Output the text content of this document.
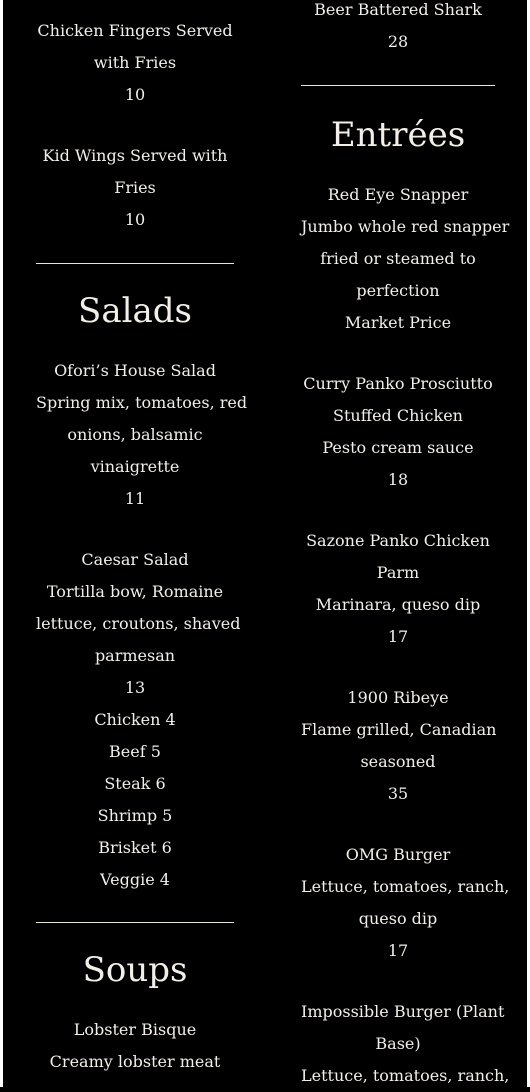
Chicken Fingers Served
with Fries
10
Kid Wings Served with
Fries
10
Salads
Ofori’s House Salad
Spring mix, tomatoes, red
onions, balsamic
vinaigrette
11
Caesar Salad
Tortilla bow, Romaine
lettuce, croutons, shaved
parmesan
13
Chicken 4
Beef 5
Steak 6
Shrimp 5
Brisket 6
Veggie 4
Soups
Lobster Bisque
Creamy lobster meat
Beer Battered Shark
28
Entrées
Red Eye Snapper
Jumbo whole red snapper
fried or steamed to
perfection
Market Price
Curry Panko Prosciutto
Stuffed Chicken
Pesto cream sauce
18
Sazone Panko Chicken
Parm
Marinara, queso dip
17
1900 Ribeye
Flame grilled, Canadian
seasoned
35
OMG Burger
Lettuce, tomatoes, ranch,
queso dip
17
Impossible Burger (Plant
Base)
Lettuce, tomatoes, ranch,
